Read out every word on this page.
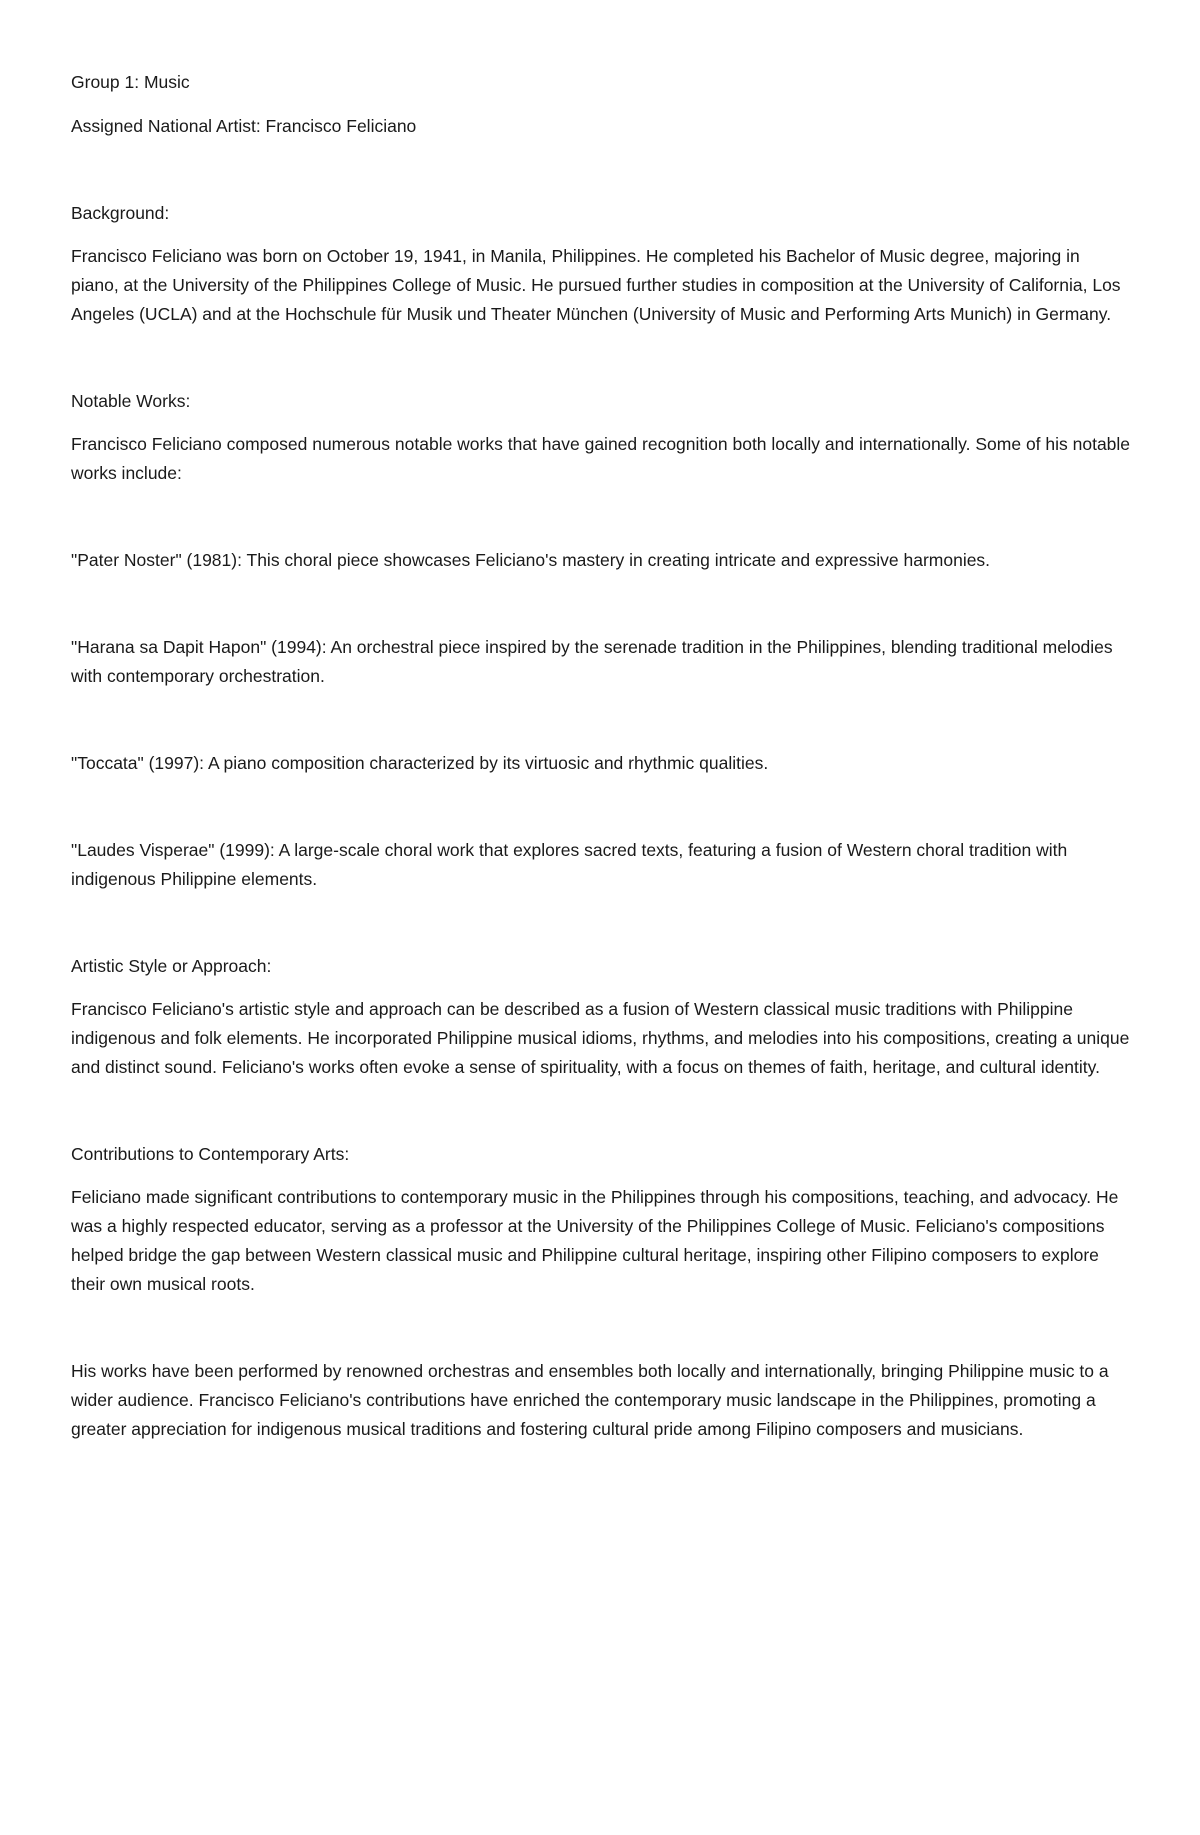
Group 1: Music

Assigned National Artist: Francisco Feliciano

Background:

Francisco Feliciano was born on October 19, 1941, in Manila, Philippines. He completed his Bachelor of Music degree, majoring in piano, at the University of the Philippines College of Music. He pursued further studies in composition at the University of California, Los Angeles (UCLA) and at the Hochschule für Musik und Theater München (University of Music and Performing Arts Munich) in Germany.

Notable Works:

Francisco Feliciano composed numerous notable works that have gained recognition both locally and internationally. Some of his notable works include:

"Pater Noster" (1981): This choral piece showcases Feliciano's mastery in creating intricate and expressive harmonies.

"Harana sa Dapit Hapon" (1994): An orchestral piece inspired by the serenade tradition in the Philippines, blending traditional melodies with contemporary orchestration.

"Toccata" (1997): A piano composition characterized by its virtuosic and rhythmic qualities.

"Laudes Visperae" (1999): A large-scale choral work that explores sacred texts, featuring a fusion of Western choral tradition with indigenous Philippine elements.

Artistic Style or Approach:

Francisco Feliciano's artistic style and approach can be described as a fusion of Western classical music traditions with Philippine indigenous and folk elements. He incorporated Philippine musical idioms, rhythms, and melodies into his compositions, creating a unique and distinct sound. Feliciano's works often evoke a sense of spirituality, with a focus on themes of faith, heritage, and cultural identity.

Contributions to Contemporary Arts:

Feliciano made significant contributions to contemporary music in the Philippines through his compositions, teaching, and advocacy. He was a highly respected educator, serving as a professor at the University of the Philippines College of Music. Feliciano's compositions helped bridge the gap between Western classical music and Philippine cultural heritage, inspiring other Filipino composers to explore their own musical roots.

His works have been performed by renowned orchestras and ensembles both locally and internationally, bringing Philippine music to a wider audience. Francisco Feliciano's contributions have enriched the contemporary music landscape in the Philippines, promoting a greater appreciation for indigenous musical traditions and fostering cultural pride among Filipino composers and musicians.
